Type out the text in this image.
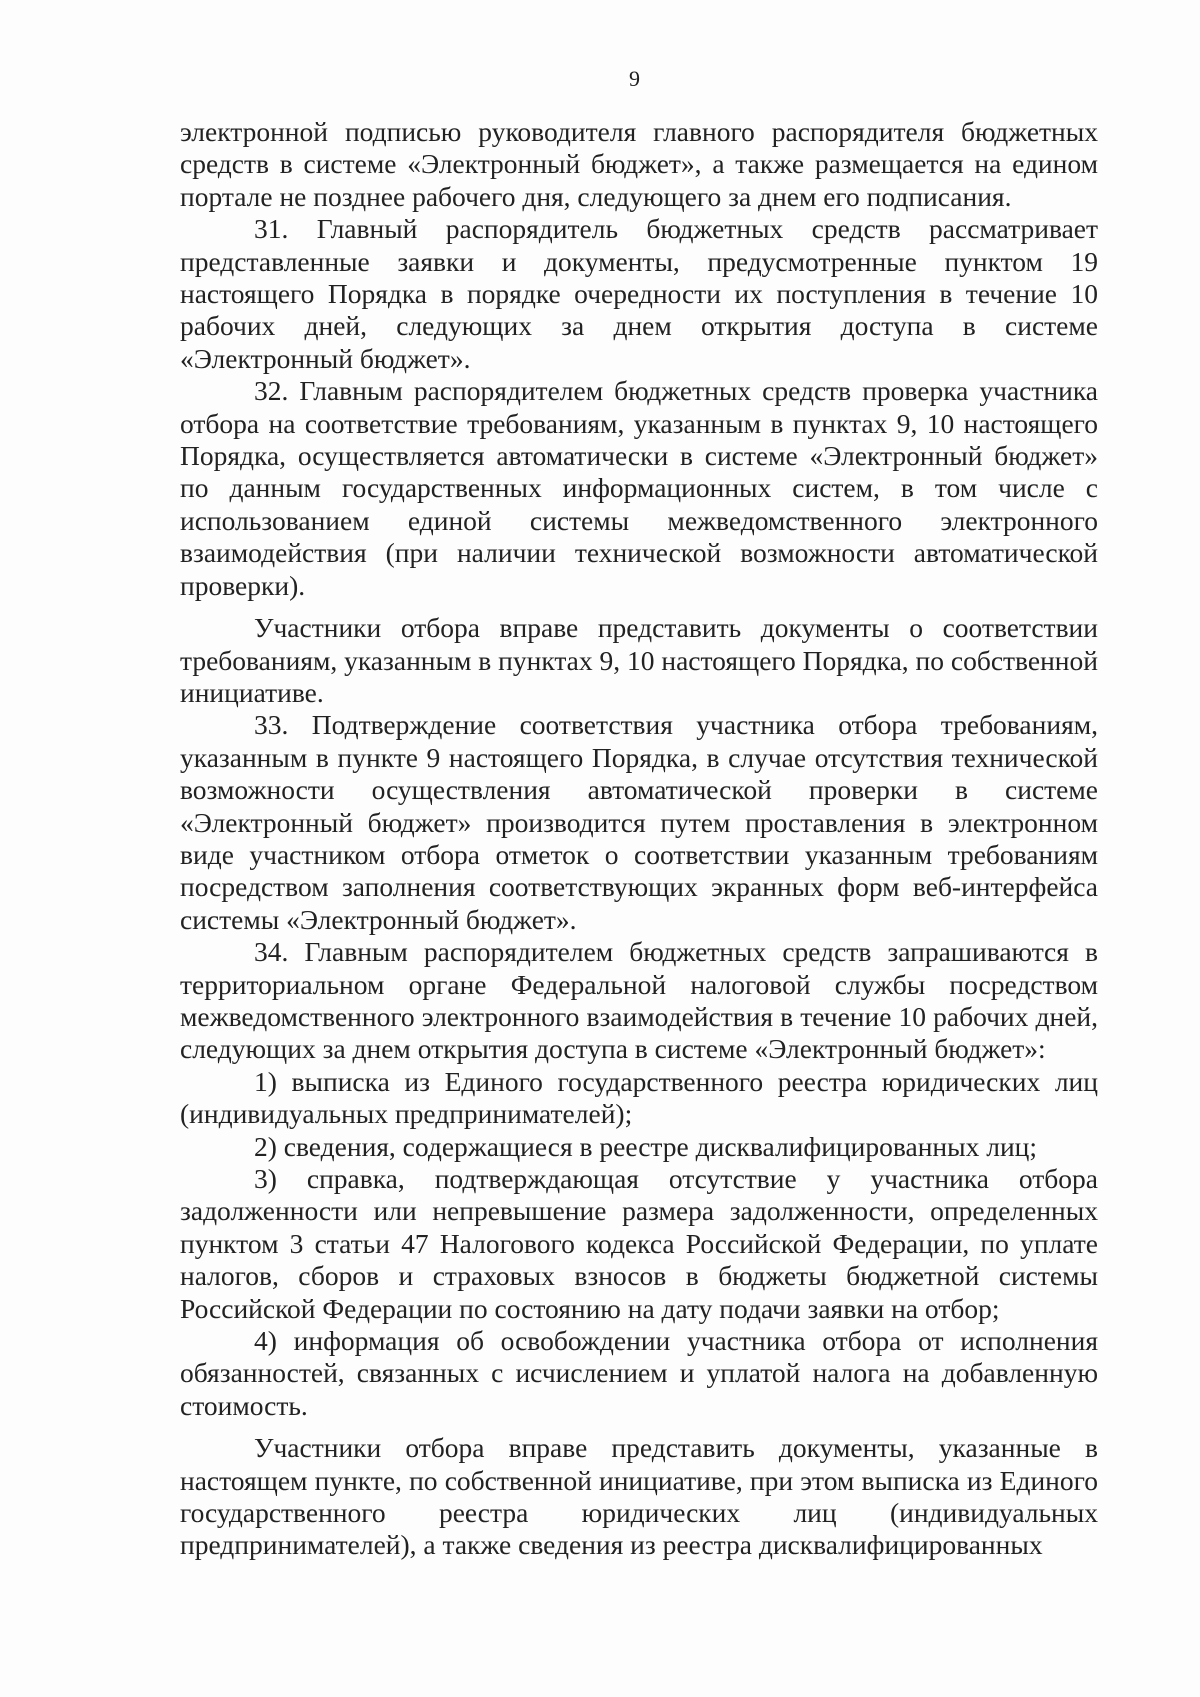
9

электронной подписью руководителя главного распорядителя бюджетных средств в системе «Электронный бюджет», а также размещается на едином портале не позднее рабочего дня, следующего за днем его подписания.

31. Главный распорядитель бюджетных средств рассматривает представленные заявки и документы, предусмотренные пунктом 19 настоящего Порядка в порядке очередности их поступления в течение 10 рабочих дней, следующих за днем открытия доступа в системе «Электронный бюджет».

32. Главным распорядителем бюджетных средств проверка участника отбора на соответствие требованиям, указанным в пунктах 9, 10 настоящего Порядка, осуществляется автоматически в системе «Электронный бюджет» по данным государственных информационных систем, в том числе с использованием единой системы межведомственного электронного взаимодействия (при наличии технической возможности автоматической проверки).

Участники отбора вправе представить документы о соответствии требованиям, указанным в пунктах 9, 10 настоящего Порядка, по собственной инициативе.

33. Подтверждение соответствия участника отбора требованиям, указанным в пункте 9 настоящего Порядка, в случае отсутствия технической возможности осуществления автоматической проверки в системе «Электронный бюджет» производится путем проставления в электронном виде участником отбора отметок о соответствии указанным требованиям посредством заполнения соответствующих экранных форм веб-интерфейса системы «Электронный бюджет».

34. Главным распорядителем бюджетных средств запрашиваются в территориальном органе Федеральной налоговой службы посредством межведомственного электронного взаимодействия в течение 10 рабочих дней, следующих за днем открытия доступа в системе «Электронный бюджет»:

1) выписка из Единого государственного реестра юридических лиц (индивидуальных предпринимателей);

2) сведения, содержащиеся в реестре дисквалифицированных лиц;

3) справка, подтверждающая отсутствие у участника отбора задолженности или непревышение размера задолженности, определенных пунктом 3 статьи 47 Налогового кодекса Российской Федерации, по уплате налогов, сборов и страховых взносов в бюджеты бюджетной системы Российской Федерации по состоянию на дату подачи заявки на отбор;

4) информация об освобождении участника отбора от исполнения обязанностей, связанных с исчислением и уплатой налога на добавленную стоимость.

Участники отбора вправе представить документы, указанные в настоящем пункте, по собственной инициативе, при этом выписка из Единого государственного реестра юридических лиц (индивидуальных предпринимателей), а также сведения из реестра дисквалифицированных
